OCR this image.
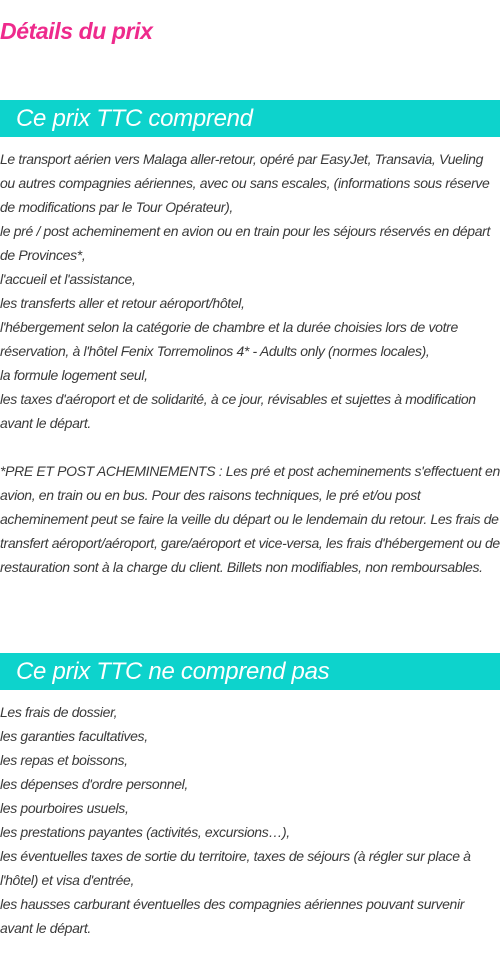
Détails du prix
Ce prix TTC comprend
Le transport aérien vers Malaga aller-retour, opéré par EasyJet, Transavia, Vueling ou autres compagnies aériennes, avec ou sans escales, (informations sous réserve de modifications par le Tour Opérateur),
le pré / post acheminement en avion ou en train pour les séjours réservés en départ de Provinces*,
l'accueil et l'assistance,
les transferts aller et retour aéroport/hôtel,
l'hébergement selon la catégorie de chambre et la durée choisies lors de votre réservation, à l'hôtel Fenix Torremolinos 4* - Adults only (normes locales),
la formule logement seul,
les taxes d'aéroport et de solidarité, à ce jour, révisables et sujettes à modification avant le départ.

*PRE ET POST ACHEMINEMENTS : Les pré et post acheminements s'effectuent en avion, en train ou en bus. Pour des raisons techniques, le pré et/ou post acheminement peut se faire la veille du départ ou le lendemain du retour. Les frais de transfert aéroport/aéroport, gare/aéroport et vice-versa, les frais d'hébergement ou de restauration sont à la charge du client. Billets non modifiables, non remboursables.

Ce prix TTC ne comprend pas
Les frais de dossier,
les garanties facultatives,
les repas et boissons,
les dépenses d'ordre personnel,
les pourboires usuels,
les prestations payantes (activités, excursions…),
les éventuelles taxes de sortie du territoire, taxes de séjours (à régler sur place à l'hôtel) et visa d'entrée,
les hausses carburant éventuelles des compagnies aériennes pouvant survenir avant le départ.
